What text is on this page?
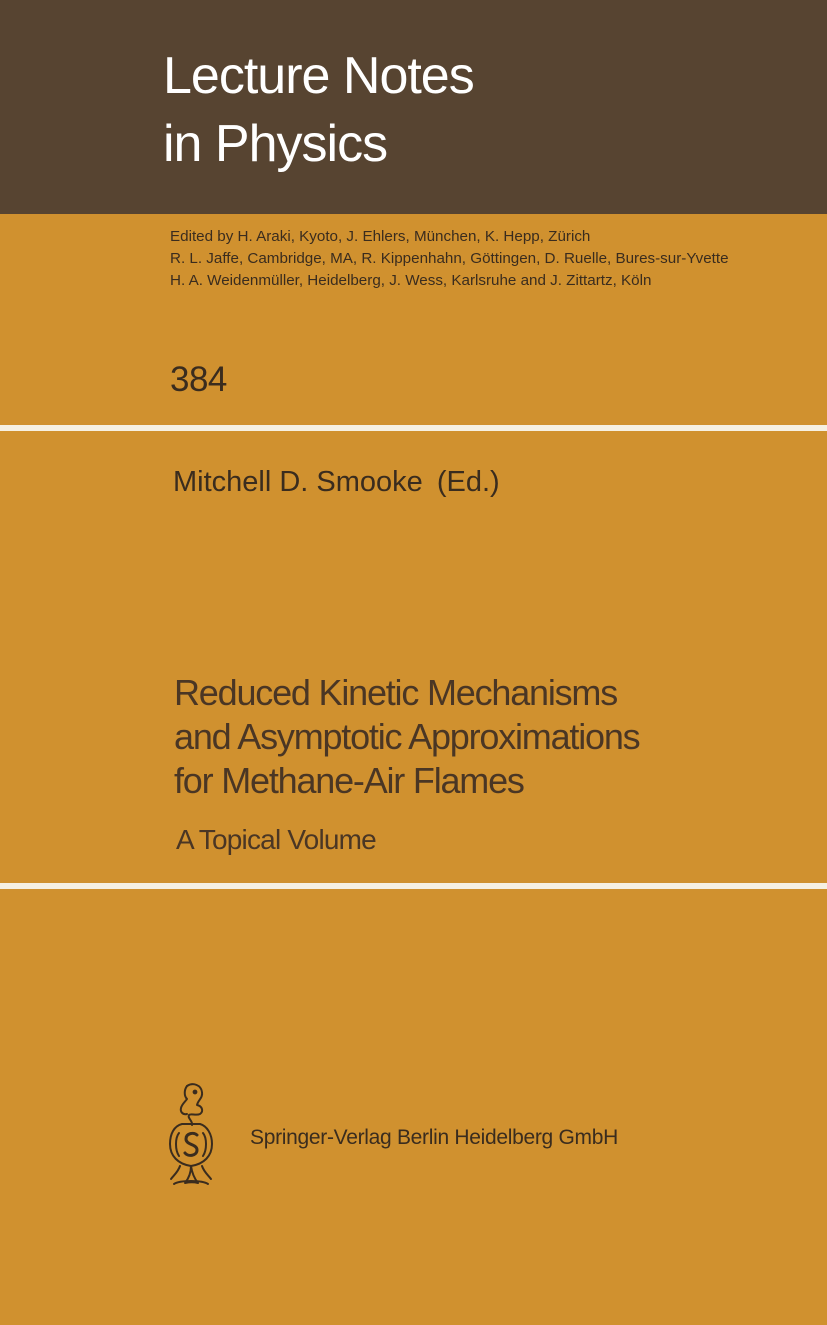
Lecture Notes
in Physics
Edited by H. Araki, Kyoto, J. Ehlers, München, K. Hepp, Zürich
R. L. Jaffe, Cambridge, MA, R. Kippenhahn, Göttingen, D. Ruelle, Bures-sur-Yvette
H. A. Weidenmüller, Heidelberg, J. Wess, Karlsruhe and J. Zittartz, Köln
384
Mitchell D. Smooke (Ed.)
Reduced Kinetic Mechanisms
and Asymptotic Approximations
for Methane-Air Flames
A Topical Volume
Springer-Verlag Berlin Heidelberg GmbH
